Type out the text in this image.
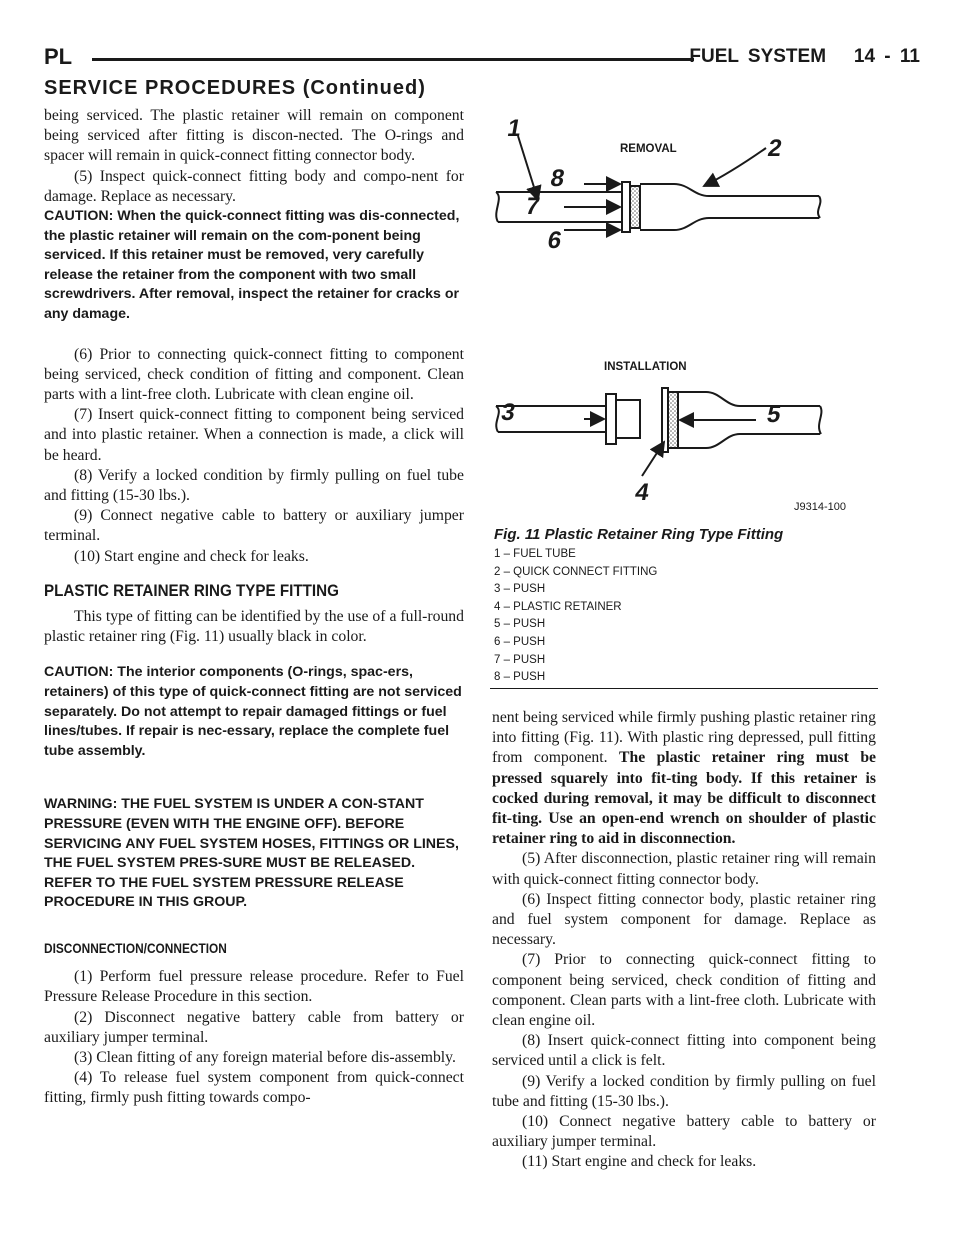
PL	FUEL SYSTEM 14 - 11
SERVICE PROCEDURES (Continued)

being serviced. The plastic retainer will remain on component being serviced after fitting is discon-nected. The O-rings and spacer will remain in quick-connect fitting connector body.

(5) Inspect quick-connect fitting body and compo-nent for damage. Replace as necessary.

CAUTION: When the quick-connect fitting was dis-connected, the plastic retainer will remain on the com-ponent being serviced. If this retainer must be removed, very carefully release the retainer from the component with two small screwdrivers. After removal, inspect the retainer for cracks or any damage.

(6) Prior to connecting quick-connect fitting to component being serviced, check condition of fitting and component. Clean parts with a lint-free cloth. Lubricate with clean engine oil.

(7) Insert quick-connect fitting to component being serviced and into plastic retainer. When a connection is made, a click will be heard.

(8) Verify a locked condition by firmly pulling on fuel tube and fitting (15-30 lbs.).

(9) Connect negative cable to battery or auxiliary jumper terminal.

(10) Start engine and check for leaks.

PLASTIC RETAINER RING TYPE FITTING

This type of fitting can be identified by the use of a full-round plastic retainer ring (Fig. 11) usually black in color.

CAUTION: The interior components (O-rings, spac-ers, retainers) of this type of quick-connect fitting are not serviced separately. Do not attempt to repair damaged fittings or fuel lines/tubes. If repair is nec-essary, replace the complete fuel tube assembly.

WARNING: THE FUEL SYSTEM IS UNDER A CON-STANT PRESSURE (EVEN WITH THE ENGINE OFF). BEFORE SERVICING ANY FUEL SYSTEM HOSES, FITTINGS OR LINES, THE FUEL SYSTEM PRES-SURE MUST BE RELEASED. REFER TO THE FUEL SYSTEM PRESSURE RELEASE PROCEDURE IN THIS GROUP.

DISCONNECTION/CONNECTION

(1) Perform fuel pressure release procedure. Refer to Fuel Pressure Release Procedure in this section.

(2) Disconnect negative battery cable from battery or auxiliary jumper terminal.

(3) Clean fitting of any foreign material before dis-assembly.

(4) To release fuel system component from quick-connect fitting, firmly push fitting towards compo-

1
2
3
4
5
6
7
8
REMOVAL
INSTALLATION
J9314-100
Fig. 11 Plastic Retainer Ring Type Fitting
1 – FUEL TUBE
2 – QUICK CONNECT FITTING
3 – PUSH
4 – PLASTIC RETAINER
5 – PUSH
6 – PUSH
7 – PUSH
8 – PUSH

nent being serviced while firmly pushing plastic retainer ring into fitting (Fig. 11). With plastic ring depressed, pull fitting from component. The plastic retainer ring must be pressed squarely into fit-ting body. If this retainer is cocked during removal, it may be difficult to disconnect fit-ting. Use an open-end wrench on shoulder of plastic retainer ring to aid in disconnection.

(5) After disconnection, plastic retainer ring will remain with quick-connect fitting connector body.

(6) Inspect fitting connector body, plastic retainer ring and fuel system component for damage. Replace as necessary.

(7) Prior to connecting quick-connect fitting to component being serviced, check condition of fitting and component. Clean parts with a lint-free cloth. Lubricate with clean engine oil.

(8) Insert quick-connect fitting into component being serviced until a click is felt.

(9) Verify a locked condition by firmly pulling on fuel tube and fitting (15-30 lbs.).

(10) Connect negative battery cable to battery or auxiliary jumper terminal.

(11) Start engine and check for leaks.
